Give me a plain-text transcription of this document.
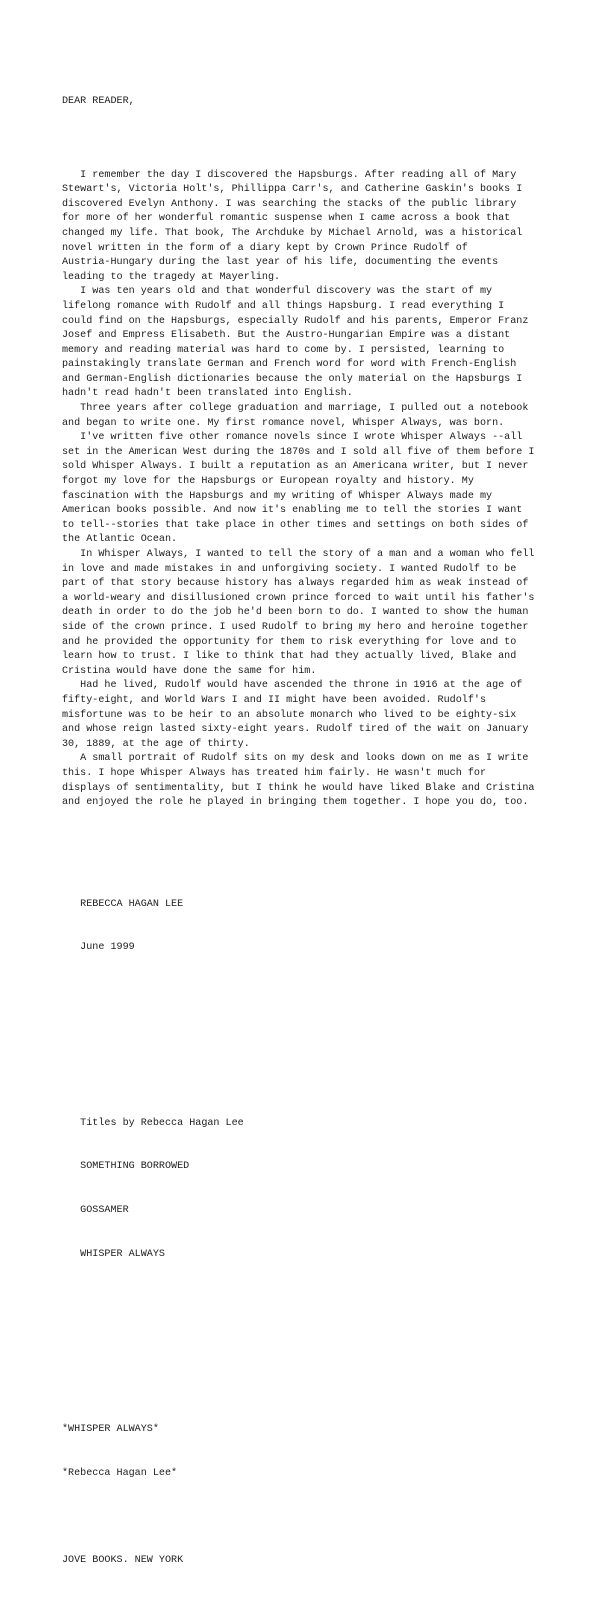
DEAR READER,

I remember the day I discovered the Hapsburgs. After reading all of Mary
Stewart's, Victoria Holt's, Phillippa Carr's, and Catherine Gaskin's books I
discovered Evelyn Anthony. I was searching the stacks of the public library
for more of her wonderful romantic suspense when I came across a book that
changed my life. That book, The Archduke by Michael Arnold, was a historical
novel written in the form of a diary kept by Crown Prince Rudolf of
Austria-Hungary during the last year of his life, documenting the events
leading to the tragedy at Mayerling.
I was ten years old and that wonderful discovery was the start of my
lifelong romance with Rudolf and all things Hapsburg. I read everything I
could find on the Hapsburgs, especially Rudolf and his parents, Emperor Franz
Josef and Empress Elisabeth. But the Austro-Hungarian Empire was a distant
memory and reading material was hard to come by. I persisted, learning to
painstakingly translate German and French word for word with French-English
and German-English dictionaries because the only material on the Hapsburgs I
hadn't read hadn't been translated into English.
Three years after college graduation and marriage, I pulled out a notebook
and began to write one. My first romance novel, Whisper Always, was born.
I've written five other romance novels since I wrote Whisper Always --all
set in the American West during the 1870s and I sold all five of them before I
sold Whisper Always. I built a reputation as an Americana writer, but I never
forgot my love for the Hapsburgs or European royalty and history. My
fascination with the Hapsburgs and my writing of Whisper Always made my
American books possible. And now it's enabling me to tell the stories I want
to tell--stories that take place in other times and settings on both sides of
the Atlantic Ocean.
In Whisper Always, I wanted to tell the story of a man and a woman who fell
in love and made mistakes in and unforgiving society. I wanted Rudolf to be
part of that story because history has always regarded him as weak instead of
a world-weary and disillusioned crown prince forced to wait until his father's
death in order to do the job he'd been born to do. I wanted to show the human
side of the crown prince. I used Rudolf to bring my hero and heroine together
and he provided the opportunity for them to risk everything for love and to
learn how to trust. I like to think that had they actually lived, Blake and
Cristina would have done the same for him.
Had he lived, Rudolf would have ascended the throne in 1916 at the age of
fifty-eight, and World Wars I and II might have been avoided. Rudolf's
misfortune was to be heir to an absolute monarch who lived to be eighty-six
and whose reign lasted sixty-eight years. Rudolf tired of the wait on January
30, 1889, at the age of thirty.
A small portrait of Rudolf sits on my desk and looks down on me as I write
this. I hope Whisper Always has treated him fairly. He wasn't much for
displays of sentimentality, but I think he would have liked Blake and Cristina
and enjoyed the role he played in bringing them together. I hope you do, too.

REBECCA HAGAN LEE

June 1999

Titles by Rebecca Hagan Lee

SOMETHING BORROWED

GOSSAMER

WHISPER ALWAYS

*WHISPER ALWAYS*

*Rebecca Hagan Lee*

JOVE BOOKS. NEW YORK
